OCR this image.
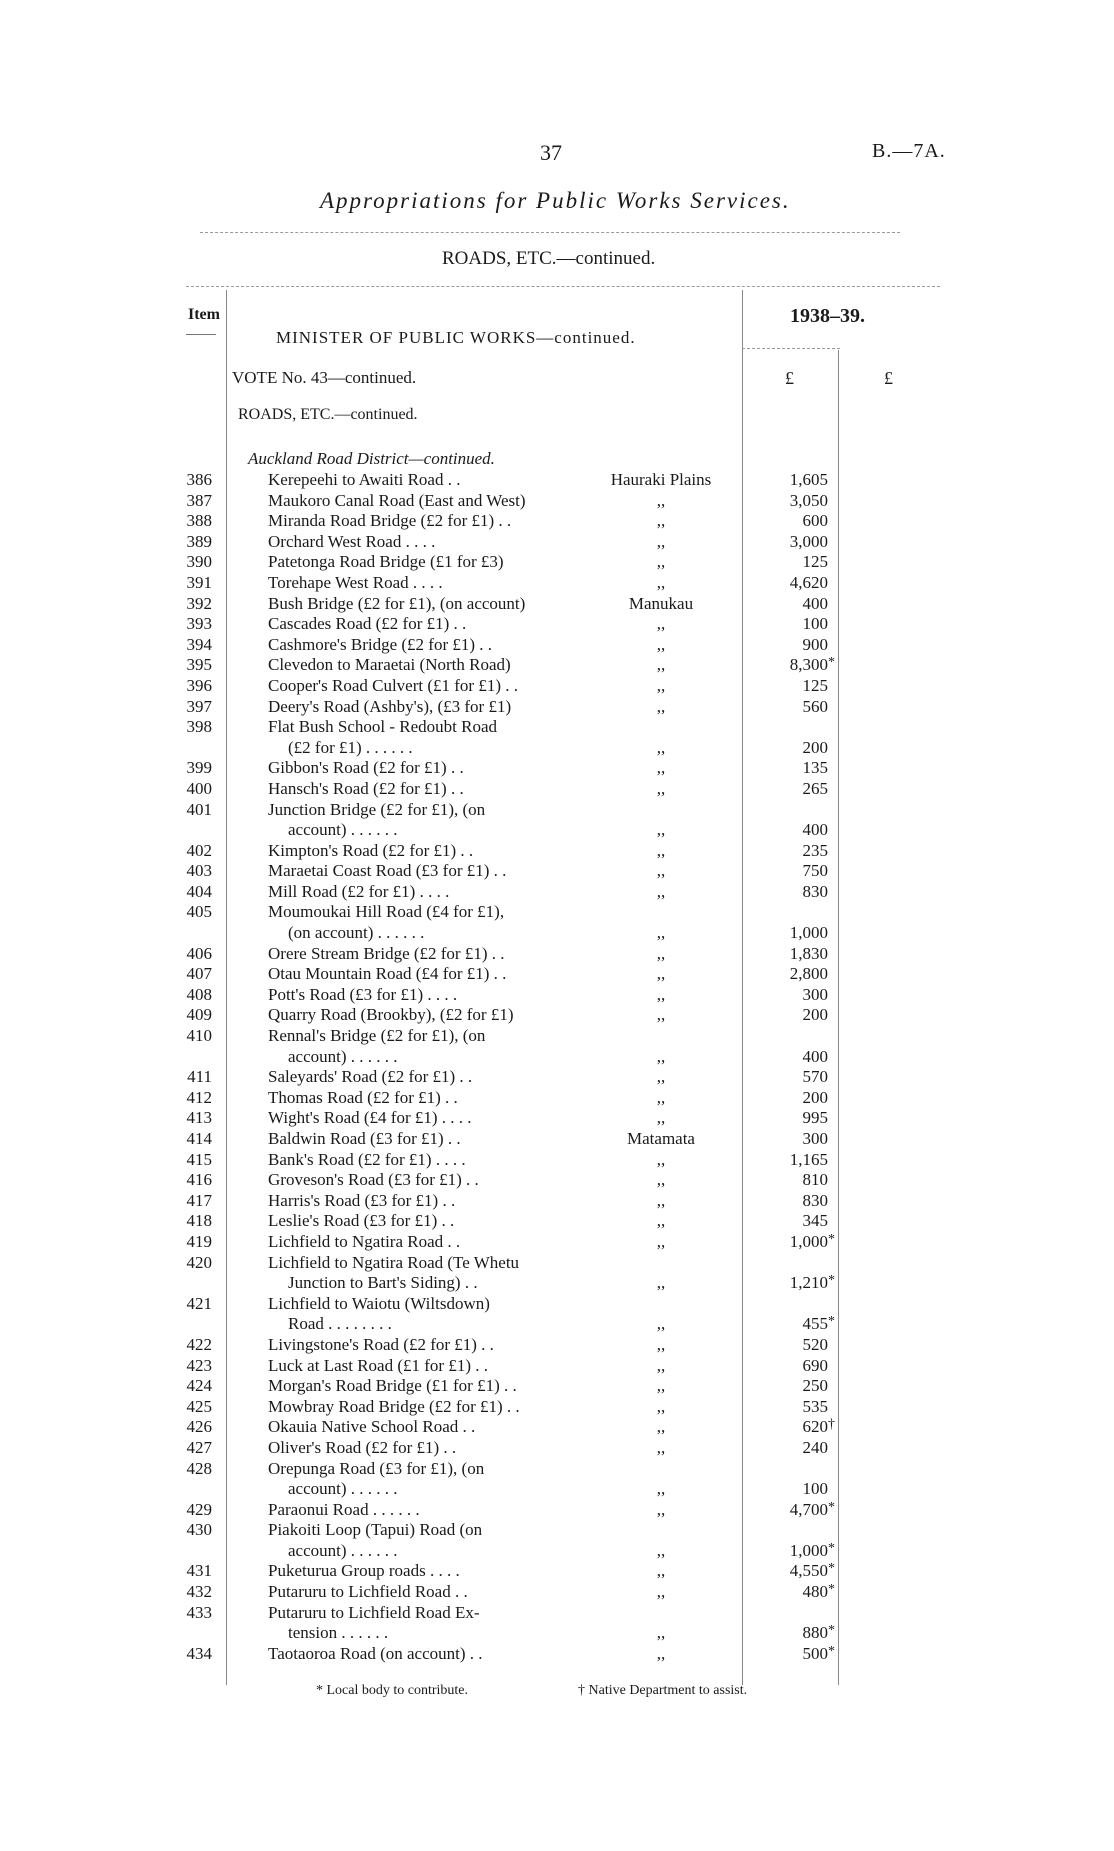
37	B.—7A.
Appropriations for Public Works Services.
ROADS, ETC.—continued.
Item
MINISTER OF PUBLIC WORKS—continued.
1938–39.
VOTE No. 43—continued.	£	£
ROADS, ETC.—continued.
Auckland Road District—continued.
386	Kerepeehi to Awaiti Road . .	Hauraki Plains	1,605
387	Maukoro Canal Road (East and West)	,,	3,050
388	Miranda Road Bridge (£2 for £1) . .	,,	600
389	Orchard West Road . . . .	,,	3,000
390	Patetonga Road Bridge (£1 for £3)	,,	125
391	Torehape West Road . . . .	,,	4,620
392	Bush Bridge (£2 for £1), (on account)	Manukau	400
393	Cascades Road (£2 for £1) . .	,,	100
394	Cashmore's Bridge (£2 for £1) . .	,,	900
395	Clevedon to Maraetai (North Road)	,,	8,300 *
396	Cooper's Road Culvert (£1 for £1) . .	,,	125
397	Deery's Road (Ashby's), (£3 for £1)	,,	560
398	Flat Bush School - Redoubt Road
(£2 for £1) . . . . . .	,,	200
399	Gibbon's Road (£2 for £1) . .	,,	135
400	Hansch's Road (£2 for £1) . .	,,	265
401	Junction Bridge (£2 for £1), (on
account) . . . . . .	,,	400
402	Kimpton's Road (£2 for £1) . .	,,	235
403	Maraetai Coast Road (£3 for £1) . .	,,	750
404	Mill Road (£2 for £1) . . . .	,,	830
405	Moumoukai Hill Road (£4 for £1),
(on account) . . . . . .	,,	1,000
406	Orere Stream Bridge (£2 for £1) . .	,,	1,830
407	Otau Mountain Road (£4 for £1) . .	,,	2,800
408	Pott's Road (£3 for £1) . . . .	,,	300
409	Quarry Road (Brookby), (£2 for £1)	,,	200
410	Rennal's Bridge (£2 for £1), (on
account) . . . . . .	,,	400
411	Saleyards' Road (£2 for £1) . .	,,	570
412	Thomas Road (£2 for £1) . .	,,	200
413	Wight's Road (£4 for £1) . . . .	,,	995
414	Baldwin Road (£3 for £1) . .	Matamata	300
415	Bank's Road (£2 for £1) . . . .	,,	1,165
416	Groveson's Road (£3 for £1) . .	,,	810
417	Harris's Road (£3 for £1) . .	,,	830
418	Leslie's Road (£3 for £1) . .	,,	345
419	Lichfield to Ngatira Road . .	,,	1,000 *
420	Lichfield to Ngatira Road (Te Whetu
Junction to Bart's Siding) . .	,,	1,210 *
421	Lichfield to Waiotu (Wiltsdown)
Road . . . . . . . .	,,	455 *
422	Livingstone's Road (£2 for £1) . .	,,	520
423	Luck at Last Road (£1 for £1) . .	,,	690
424	Morgan's Road Bridge (£1 for £1) . .	,,	250
425	Mowbray Road Bridge (£2 for £1) . .	,,	535
426	Okauia Native School Road . .	,,	620 †
427	Oliver's Road (£2 for £1) . .	,,	240
428	Orepunga Road (£3 for £1), (on
account) . . . . . .	,,	100
429	Paraonui Road . . . . . .	,,	4,700 *
430	Piakoiti Loop (Tapui) Road (on
account) . . . . . .	,,	1,000 *
431	Puketurua Group roads . . . .	,,	4,550 *
432	Putaruru to Lichfield Road . .	,,	480 *
433	Putaruru to Lichfield Road Ex-
tension . . . . . .	,,	880 *
434	Taotaoroa Road (on account) . .	,,	500 *
* Local body to contribute.	† Native Department to assist.
